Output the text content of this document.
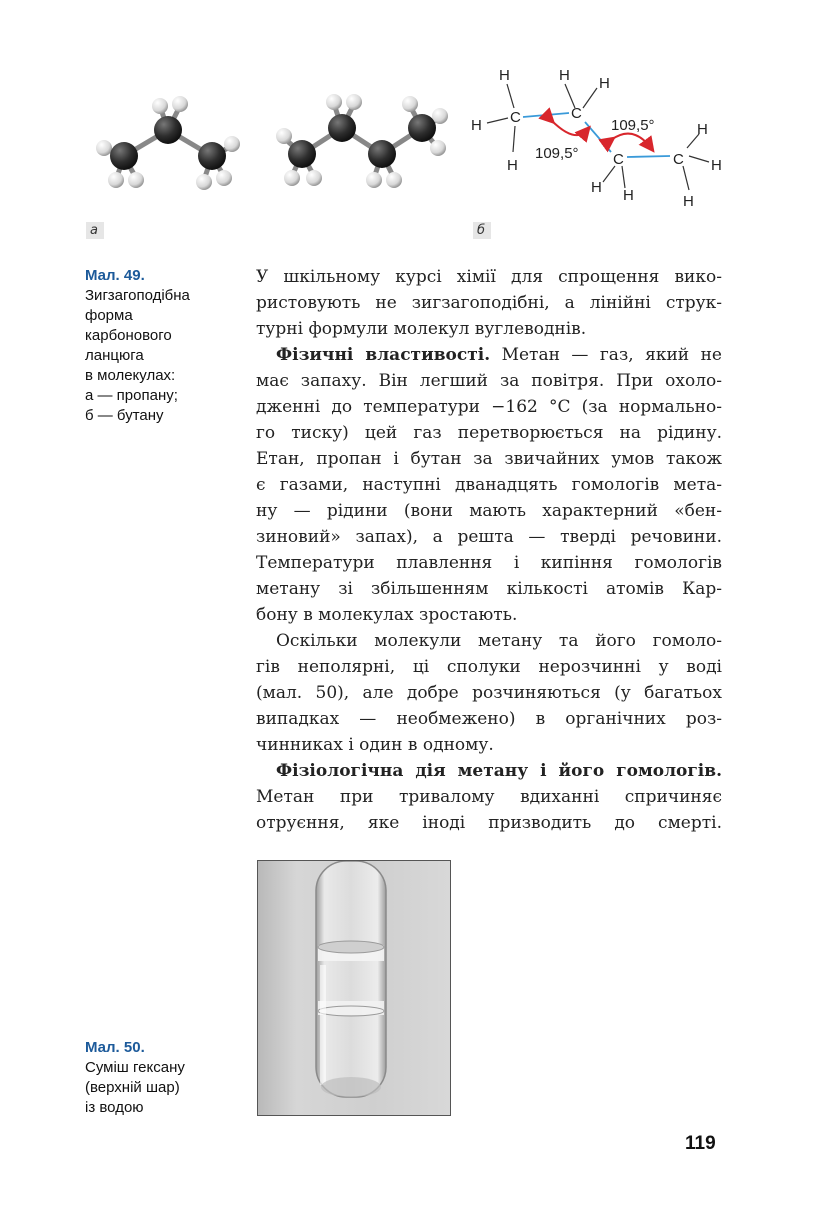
H
H
H
H H
H H
H
H
H
C	C
C	C
109,5°
109,5°
а	б
Мал. 49.
Зигзагоподібна
форма
карбонового
ланцюга
в молекулах:
а — пропану;
б — бутану
У шкільному курсі хімії для спрощення вико-
ристовують не зигзагоподібні, а лінійні струк-
турні формули молекул вуглеводнів.
Фізичні властивості. Метан — газ, який не
має запаху. Він легший за повітря. При охоло-
дженні до температури −162 °C (за нормально-
го тиску) цей газ перетворюється на рідину.
Етан, пропан і бутан за звичайних умов також
є газами, наступні дванадцять гомологів мета-
ну — рідини (вони мають характерний «бен-
зиновий» запах), а решта — тверді речовини.
Температури плавлення і кипіння гомологів
метану зі збільшенням кількості атомів Кар-
бону в молекулах зростають.
Оскільки молекули метану та його гомоло-
гів неполярні, ці сполуки нерозчинні у воді
(мал. 50), але добре розчиняються (у багатьох
випадках — необмежено) в органічних роз-
чинниках і один в одному.
Фізіологічна дія метану і його гомологів.
Метан при тривалому вдиханні спричиняє
отруєння, яке іноді призводить до смерті.
Мал. 50.
Суміш гексану
(верхній шар)
із водою
119
